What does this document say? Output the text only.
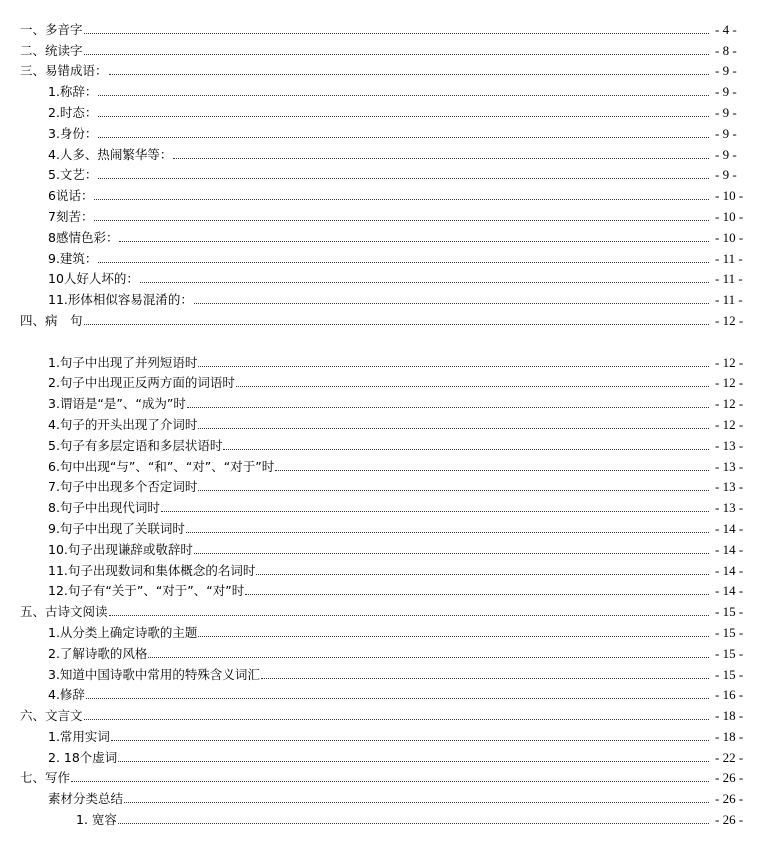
一、多音字	- 4 -
二、统读字	- 8 -
三、易错成语：	- 9 -
1.称辞：	- 9 -
2.时态：	- 9 -
3.身份：	- 9 -
4.人多、热闹繁华等：	- 9 -
5.文艺：	- 9 -
6说话：	- 10 -
7刻苦：	- 10 -
8感情色彩：	- 10 -
9.建筑：	- 11 -
10人好人坏的：	- 11 -
11.形体相似容易混淆的：	- 11 -
四、病　句	- 12 -
1.句子中出现了并列短语时	- 12 -
2.句子中出现正反两方面的词语时	- 12 -
3.谓语是“是”、“成为”时	- 12 -
4.句子的开头出现了介词时	- 12 -
5.句子有多层定语和多层状语时	- 13 -
6.句中出现“与”、“和”、“对”、“对于”时	- 13 -
7.句子中出现多个否定词时	- 13 -
8.句子中出现代词时	- 13 -
9.句子中出现了关联词时	- 14 -
10.句子出现谦辞或敬辞时	- 14 -
11.句子出现数词和集体概念的名词时	- 14 -
12.句子有“关于”、“对于”、“对”时	- 14 -
五、古诗文阅读	- 15 -
1.从分类上确定诗歌的主题	- 15 -
2.了解诗歌的风格	- 15 -
3.知道中国诗歌中常用的特殊含义词汇	- 15 -
4.修辞	- 16 -
六、文言文	- 18 -
1.常用实词	- 18 -
2. 18个虚词	- 22 -
七、写作	- 26 -
素材分类总结	- 26 -
1. 宽容	- 26 -
